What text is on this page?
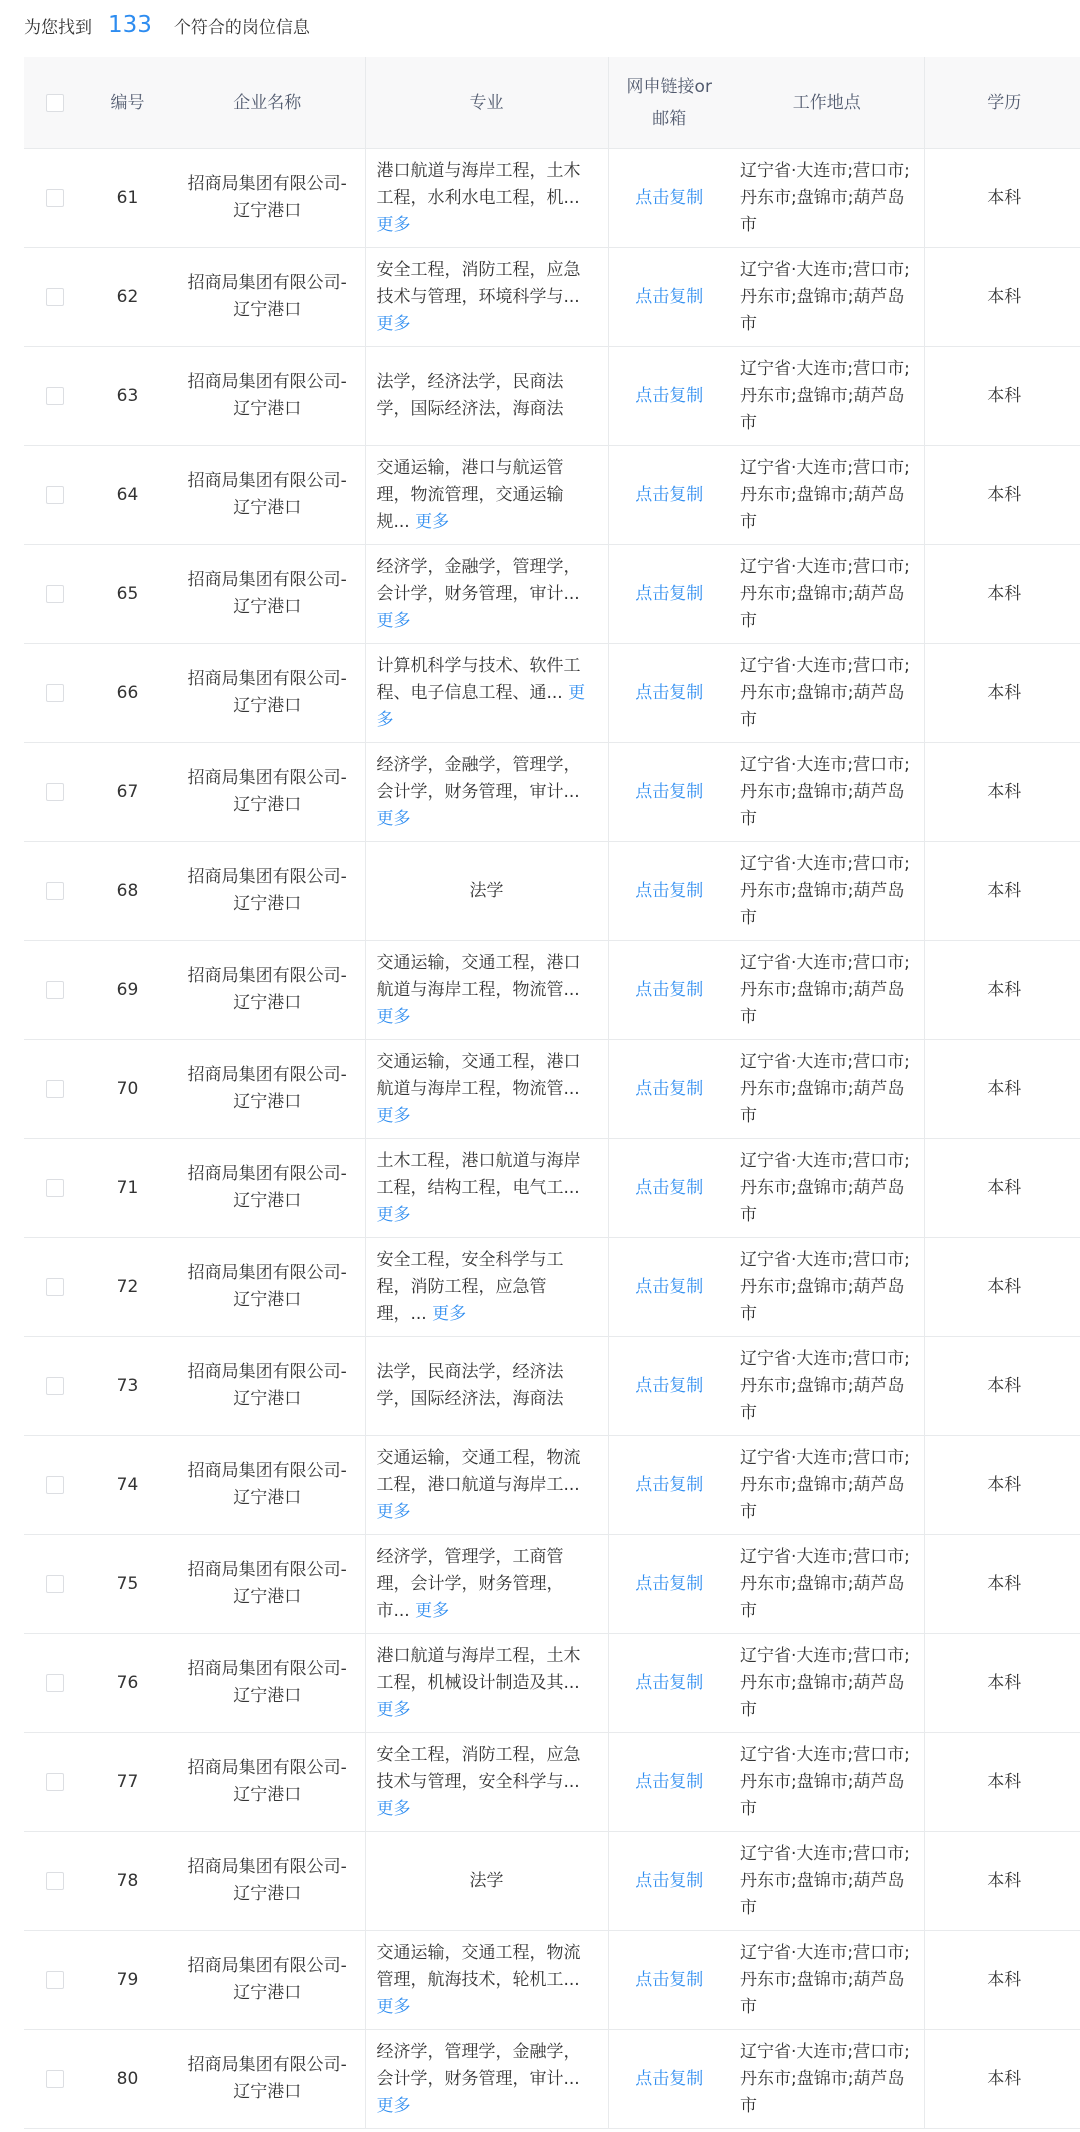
为您找到 133 个符合的岗位信息
	编号	企业名称	专业	网申链接or
邮箱	工作地点	学历	
	61	招商局集团有限公司-辽宁港口	港口航道与海岸工程，土木工程，水利水电工程，机... 更多	点击复制	辽宁省·大连市;营口市;丹东市;盘锦市;葫芦岛市	本科	
	62	招商局集团有限公司-辽宁港口	安全工程，消防工程，应急技术与管理，环境科学与... 更多	点击复制	辽宁省·大连市;营口市;丹东市;盘锦市;葫芦岛市	本科	
	63	招商局集团有限公司-辽宁港口	法学，经济法学，民商法学，国际经济法，海商法	点击复制	辽宁省·大连市;营口市;丹东市;盘锦市;葫芦岛市	本科	
	64	招商局集团有限公司-辽宁港口	交通运输，港口与航运管理，物流管理，交通运输规... 更多	点击复制	辽宁省·大连市;营口市;丹东市;盘锦市;葫芦岛市	本科	
	65	招商局集团有限公司-辽宁港口	经济学，金融学，管理学，会计学，财务管理，审计... 更多	点击复制	辽宁省·大连市;营口市;丹东市;盘锦市;葫芦岛市	本科	
	66	招商局集团有限公司-辽宁港口	计算机科学与技术、软件工程、电子信息工程、通... 更多	点击复制	辽宁省·大连市;营口市;丹东市;盘锦市;葫芦岛市	本科	
	67	招商局集团有限公司-辽宁港口	经济学，金融学，管理学，会计学，财务管理，审计... 更多	点击复制	辽宁省·大连市;营口市;丹东市;盘锦市;葫芦岛市	本科	
	68	招商局集团有限公司-辽宁港口	法学	点击复制	辽宁省·大连市;营口市;丹东市;盘锦市;葫芦岛市	本科	
	69	招商局集团有限公司-辽宁港口	交通运输，交通工程，港口航道与海岸工程，物流管... 更多	点击复制	辽宁省·大连市;营口市;丹东市;盘锦市;葫芦岛市	本科	
	70	招商局集团有限公司-辽宁港口	交通运输，交通工程，港口航道与海岸工程，物流管... 更多	点击复制	辽宁省·大连市;营口市;丹东市;盘锦市;葫芦岛市	本科	
	71	招商局集团有限公司-辽宁港口	土木工程，港口航道与海岸工程，结构工程，电气工... 更多	点击复制	辽宁省·大连市;营口市;丹东市;盘锦市;葫芦岛市	本科	
	72	招商局集团有限公司-辽宁港口	安全工程，安全科学与工程，消防工程，应急管理，... 更多	点击复制	辽宁省·大连市;营口市;丹东市;盘锦市;葫芦岛市	本科	
	73	招商局集团有限公司-辽宁港口	法学，民商法学，经济法学，国际经济法，海商法	点击复制	辽宁省·大连市;营口市;丹东市;盘锦市;葫芦岛市	本科	
	74	招商局集团有限公司-辽宁港口	交通运输，交通工程，物流工程，港口航道与海岸工... 更多	点击复制	辽宁省·大连市;营口市;丹东市;盘锦市;葫芦岛市	本科	
	75	招商局集团有限公司-辽宁港口	经济学，管理学，工商管理，会计学，财务管理，市... 更多	点击复制	辽宁省·大连市;营口市;丹东市;盘锦市;葫芦岛市	本科	
	76	招商局集团有限公司-辽宁港口	港口航道与海岸工程，土木工程，机械设计制造及其... 更多	点击复制	辽宁省·大连市;营口市;丹东市;盘锦市;葫芦岛市	本科	
	77	招商局集团有限公司-辽宁港口	安全工程，消防工程，应急技术与管理，安全科学与... 更多	点击复制	辽宁省·大连市;营口市;丹东市;盘锦市;葫芦岛市	本科	
	78	招商局集团有限公司-辽宁港口	法学	点击复制	辽宁省·大连市;营口市;丹东市;盘锦市;葫芦岛市	本科	
	79	招商局集团有限公司-辽宁港口	交通运输，交通工程，物流管理，航海技术，轮机工... 更多	点击复制	辽宁省·大连市;营口市;丹东市;盘锦市;葫芦岛市	本科	
	80	招商局集团有限公司-辽宁港口	经济学，管理学，金融学，会计学，财务管理，审计... 更多	点击复制	辽宁省·大连市;营口市;丹东市;盘锦市;葫芦岛市	本科	
